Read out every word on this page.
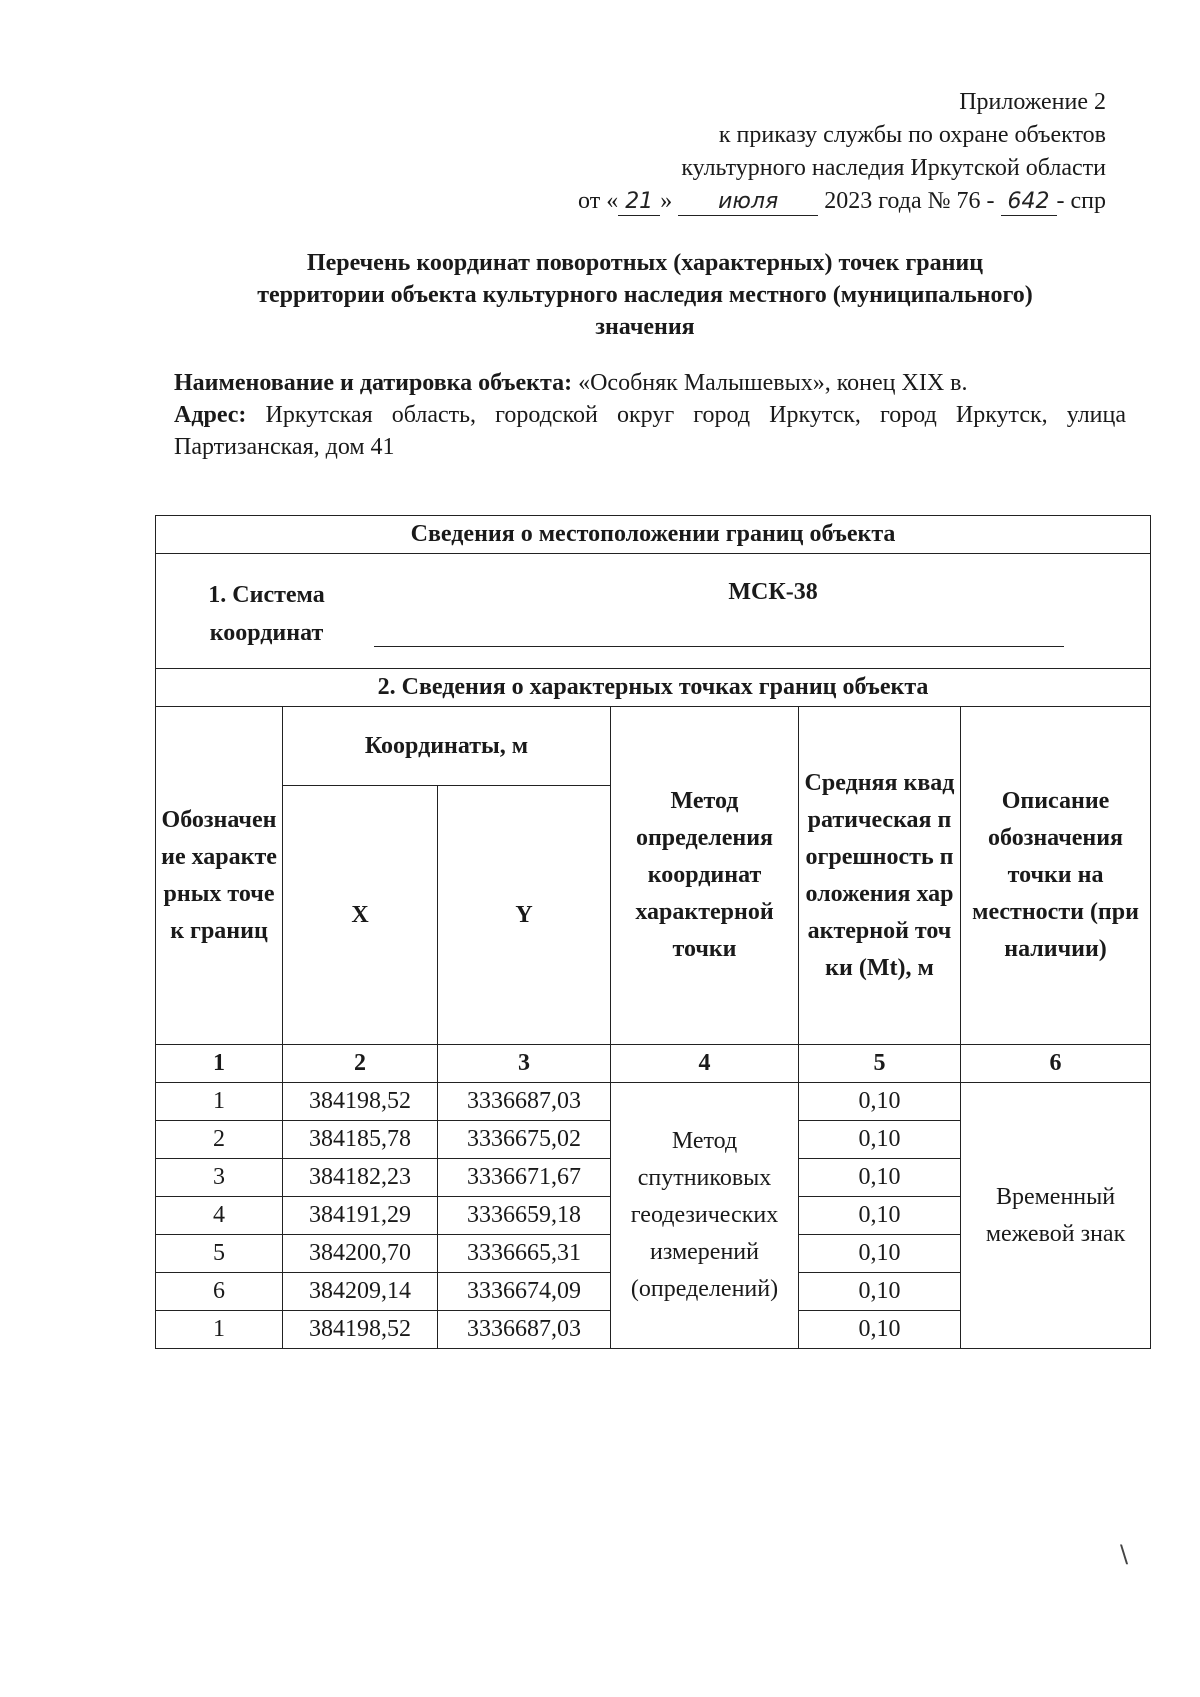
Приложение 2
к приказу службы по охране объектов
культурного наследия Иркутской области
от « 21 » июля 2023 года № 76 - 642 - спр
Перечень координат поворотных (характерных) точек границ
территории объекта культурного наследия местного (муниципального)
значения
Наименование и датировка объекта: «Особняк Малышевых», конец XIX в.
Адрес: Иркутская область, городской округ город Иркутск, город Иркутск, улица Партизанская, дом 41
Сведения о местоположении границ объекта					

1. Система координат
МСК-38					

2. Сведения о характерных точках границ объекта					

Обозначение характерных точек границ	Координаты, м		Метод определения координат характерной точки	Средняя квадратическая погрешность положения характерной точки (Mt), м	Описание обозначения точки на местности (при наличии)

	X	Y			
1	2	3	4	5	6
1	384198,52	3336687,03	Метод спутниковых геодезических измерений (определений)	0,10	Временный межевой знак

2	384185,78	3336675,02		0,10	
3	384182,23	3336671,67		0,10	
4	384191,29	3336659,18		0,10	
5	384200,70	3336665,31		0,10	
6	384209,14	3336674,09		0,10	
1	384198,52	3336687,03		0,10	
\
